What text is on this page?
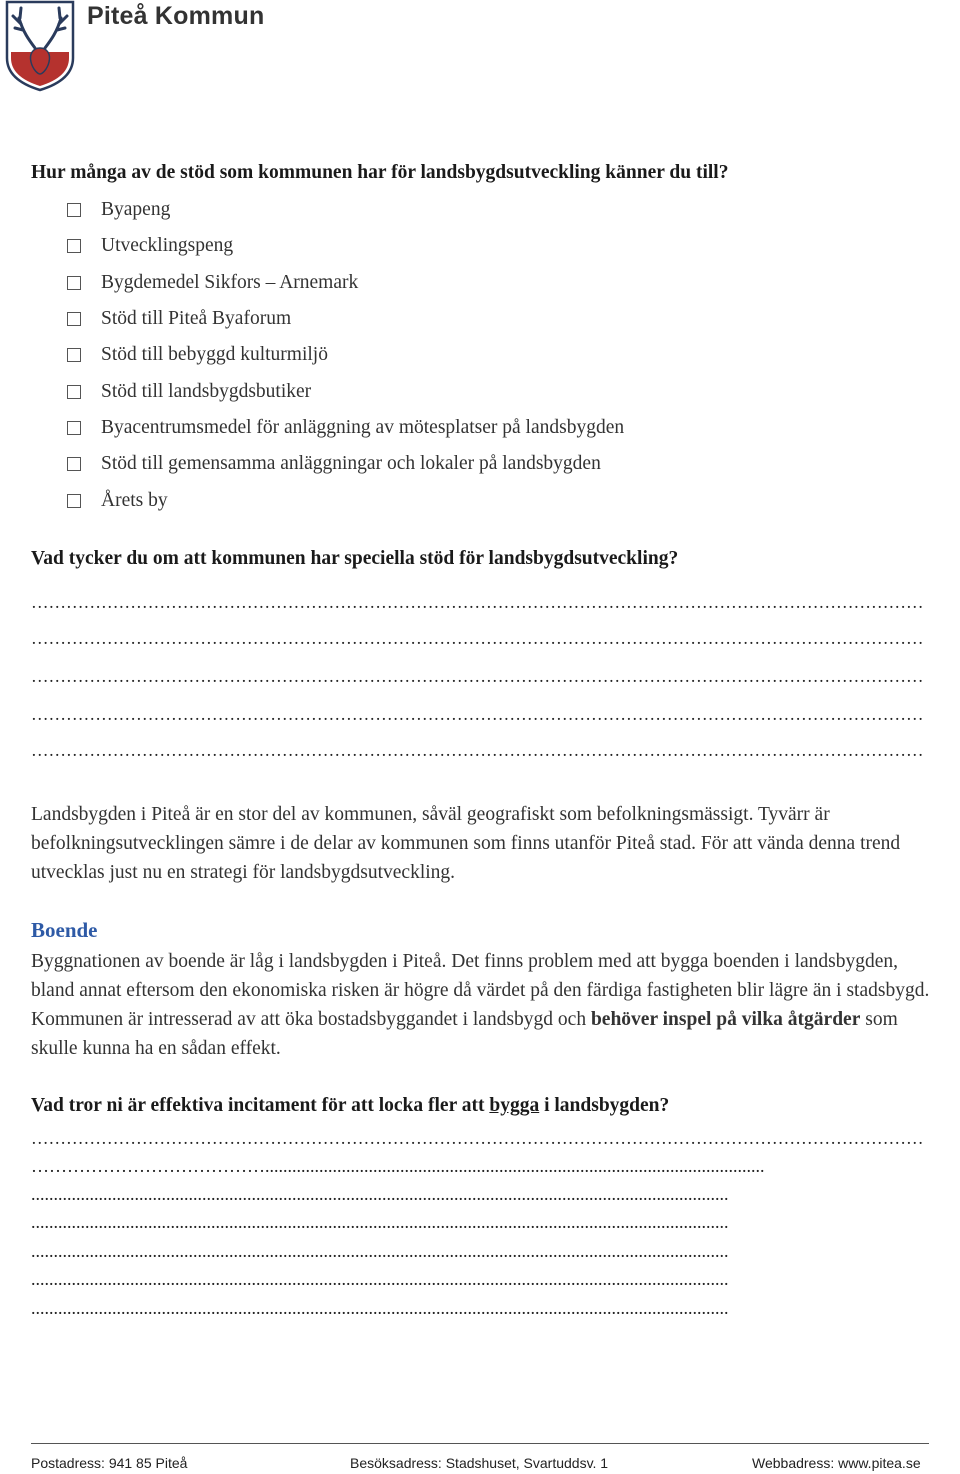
Piteå Kommun
Hur många av de stöd som kommunen har för landsbygdsutveckling känner du till?
Byapeng
Utvecklingspeng
Bygdemedel Sikfors – Arnemark
Stöd till Piteå Byaforum
Stöd till bebyggd kulturmiljö
Stöd till landsbygdsbutiker
Byacentrumsmedel för anläggning av mötesplatser på landsbygden
Stöd till gemensamma anläggningar och lokaler på landsbygden
Årets by
Vad tycker du om att kommunen har speciella stöd för landsbygdsutveckling?
………………………………………………………………………………………………………………………………………
………………………………………………………………………………………………………………………………………
………………………………………………………………………………………………………………………………………
………………………………………………………………………………………………………………………………………
………………………………………………………………………………………………………………………………………
Landsbygden i Piteå är en stor del av kommunen, såväl geografiskt som befolkningsmässigt. Tyvärr är befolkningsutvecklingen sämre i de delar av kommunen som finns utanför Piteå stad. För att vända denna trend utvecklas just nu en strategi för landsbygdsutveckling.
Boende
Byggnationen av boende är låg i landsbygden i Piteå. Det finns problem med att bygga boenden i landsbygden, bland annat eftersom den ekonomiska risken är högre då värdet på den färdiga fastigheten blir lägre än i stadsbygd. Kommunen är intresserad av att öka bostadsbyggandet i landsbygd och behöver inspel på vilka åtgärder som skulle kunna ha en sådan effekt.
Vad tror ni är effektiva incitament för att locka fler att bygga i landsbygden?
………………………………………………………………………………………………………………………………………
…………………………………...............................................................................................................
...........................................................................................................................................................
...........................................................................................................................................................
...........................................................................................................................................................
...........................................................................................................................................................
...........................................................................................................................................................
Postadress: 941 85 Piteå	Besöksadress: Stadshuset, Svartuddsv. 1	Webbadress: www.pitea.se
